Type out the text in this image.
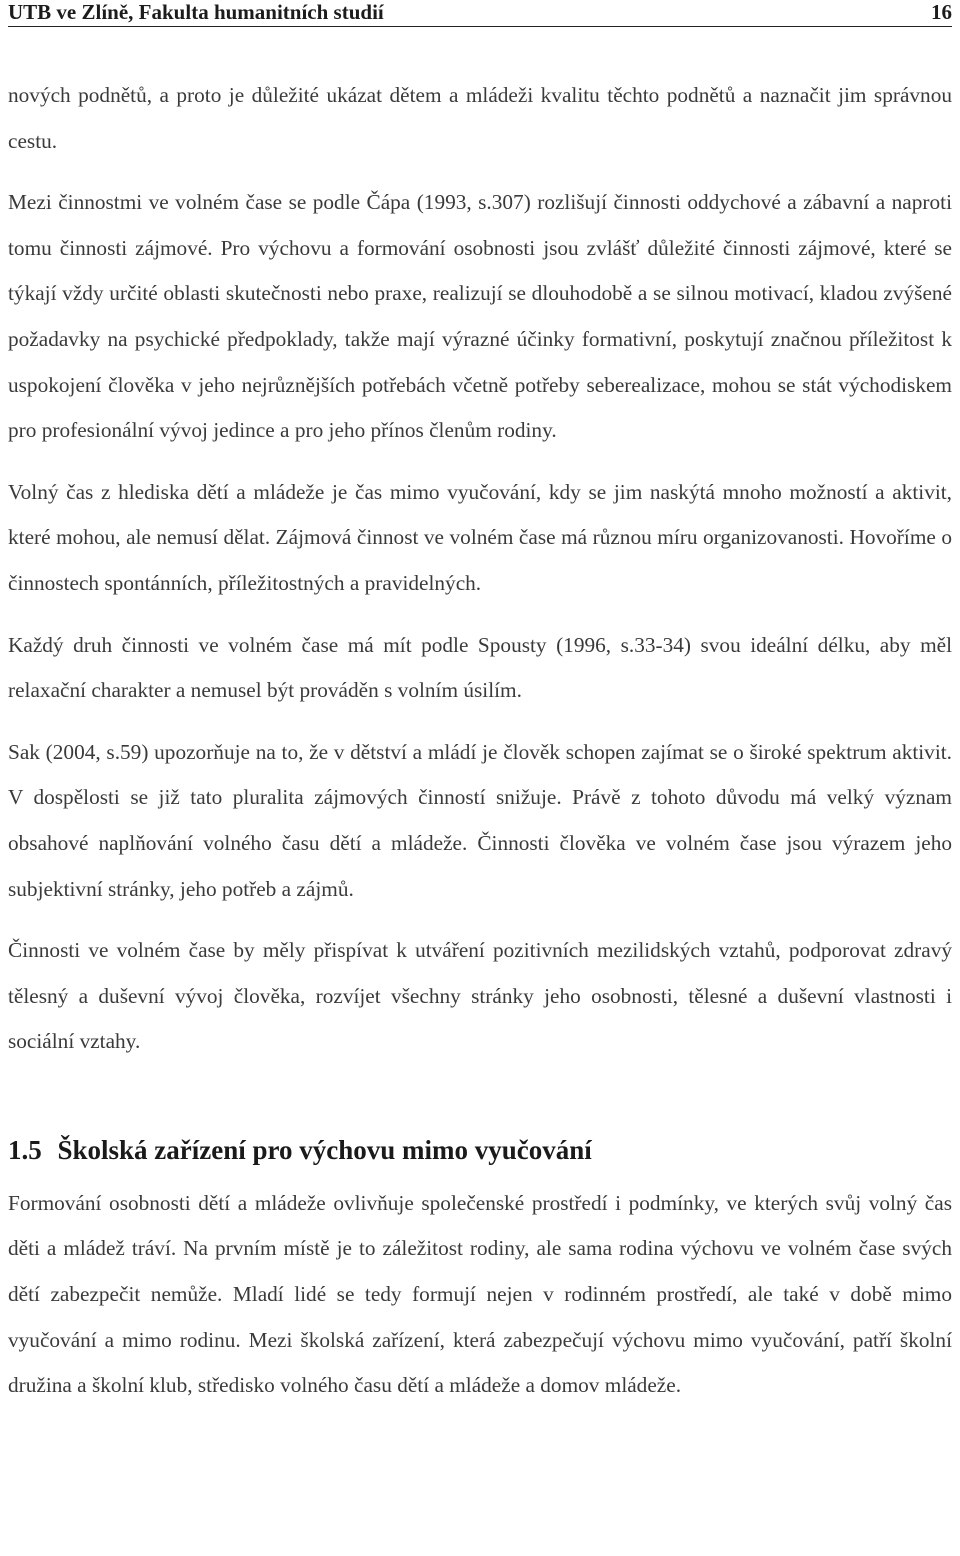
UTB ve Zlíně, Fakulta humanitních studií	16

nových podnětů, a proto je důležité ukázat dětem a mládeži kvalitu těchto podnětů a naznačit jim správnou cestu.

Mezi činnostmi ve volném čase se podle Čápa (1993, s.307) rozlišují činnosti oddychové a zábavní a naproti tomu činnosti zájmové. Pro výchovu a formování osobnosti jsou zvlášť důležité činnosti zájmové, které se týkají vždy určité oblasti skutečnosti nebo praxe, realizují se dlouhodobě a se silnou motivací, kladou zvýšené požadavky na psychické předpoklady, takže mají výrazné účinky formativní, poskytují značnou příležitost k uspokojení člověka v jeho nejrůznějších potřebách včetně potřeby seberealizace, mohou se stát východiskem pro profesionální vývoj jedince a pro jeho přínos členům rodiny.

Volný čas z hlediska dětí a mládeže je čas mimo vyučování, kdy se jim naskýtá mnoho možností a aktivit, které mohou, ale nemusí dělat. Zájmová činnost ve volném čase má různou míru organizovanosti. Hovoříme o činnostech spontánních, příležitostných a pravidelných.

Každý druh činnosti ve volném čase má mít podle Spousty (1996, s.33-34) svou ideální délku, aby měl relaxační charakter a nemusel být prováděn s volním úsilím.

Sak (2004, s.59) upozorňuje na to, že v dětství a mládí je člověk schopen zajímat se o široké spektrum aktivit. V dospělosti se již tato pluralita zájmových činností snižuje. Právě z tohoto důvodu má velký význam obsahové naplňování volného času dětí a mládeže. Činnosti člověka ve volném čase jsou výrazem jeho subjektivní stránky, jeho potřeb a zájmů.

Činnosti ve volném čase by měly přispívat k utváření pozitivních mezilidských vztahů, podporovat zdravý tělesný a duševní vývoj člověka, rozvíjet všechny stránky jeho osobnosti, tělesné a duševní vlastnosti i sociální vztahy.

1.5 Školská zařízení pro výchovu mimo vyučování

Formování osobnosti dětí a mládeže ovlivňuje společenské prostředí i podmínky, ve kterých svůj volný čas děti a mládež tráví. Na prvním místě je to záležitost rodiny, ale sama rodina výchovu ve volném čase svých dětí zabezpečit nemůže. Mladí lidé se tedy formují nejen v rodinném prostředí, ale také v době mimo vyučování a mimo rodinu. Mezi školská zařízení, která zabezpečují výchovu mimo vyučování, patří školní družina a školní klub, středisko volného času dětí a mládeže a domov mládeže.
